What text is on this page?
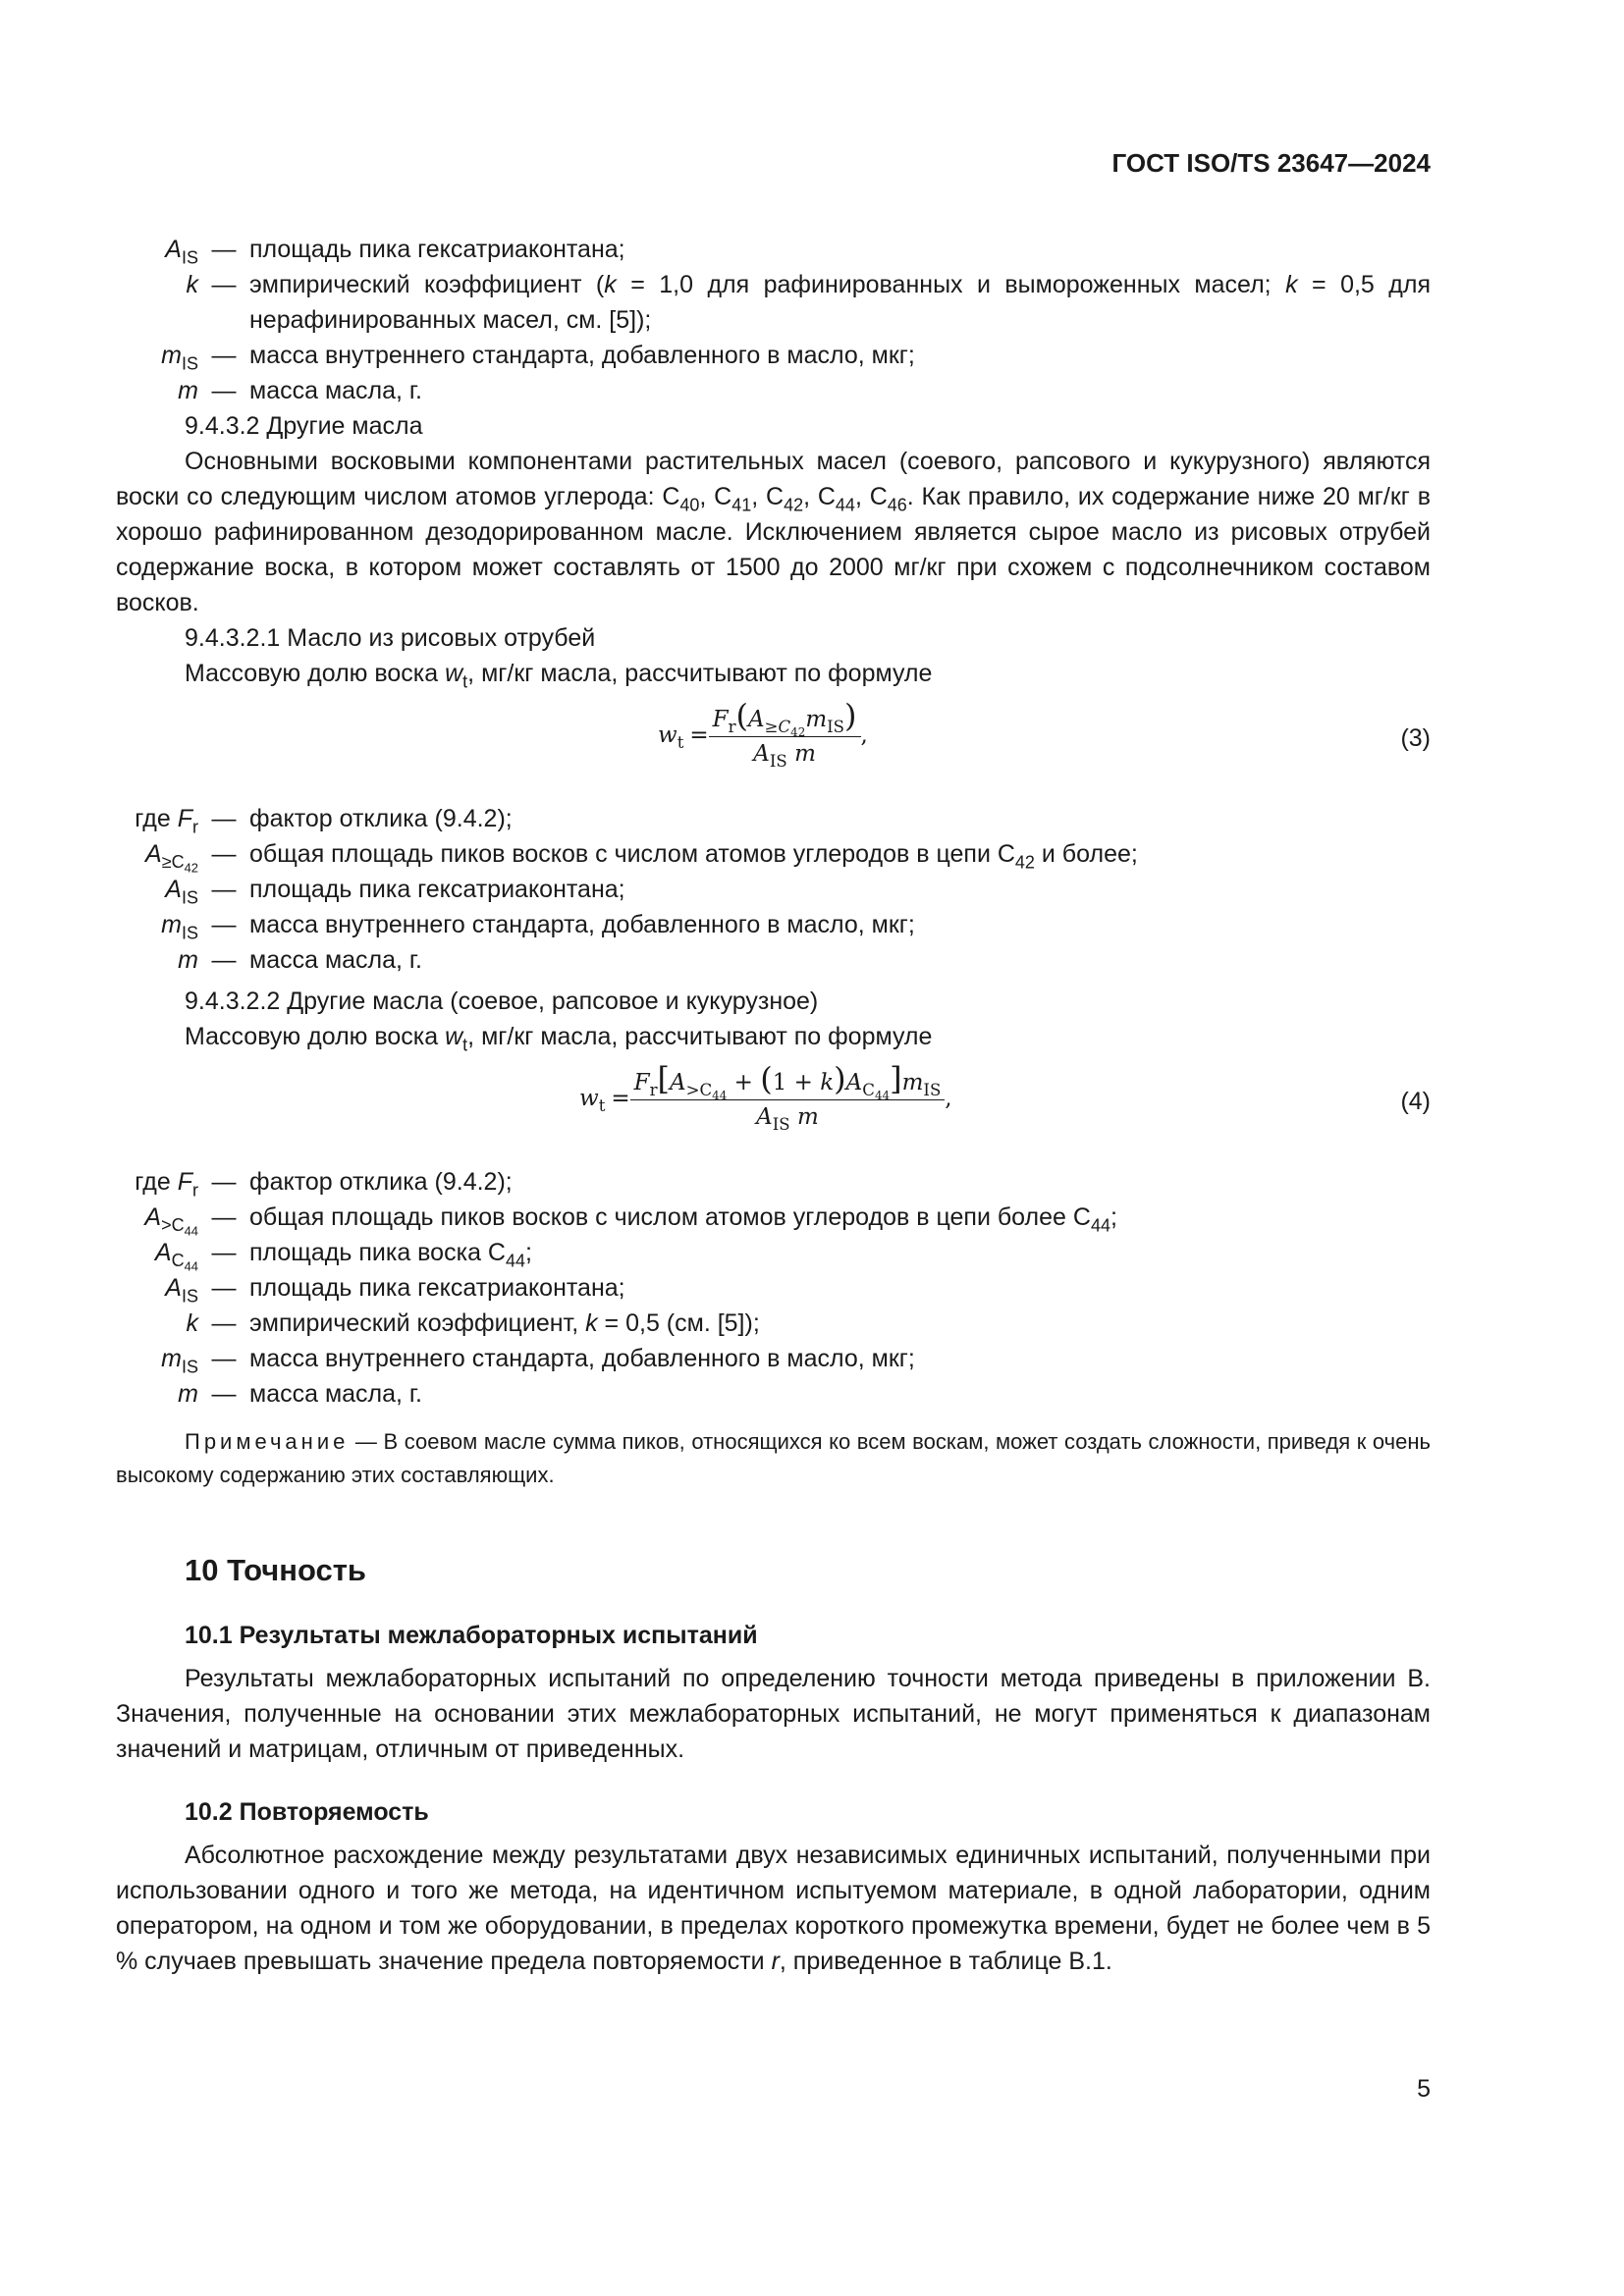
ГОСТ ISO/TS 23647—2024
$A_{IS}$ — площадь пика гексатриаконтана;
k — эмпирический коэффициент (k = 1,0 для рафинированных и вымороженных масел; k = 0,5 для нерафинированных масел, см. [5]);
$m_{IS}$ — масса внутреннего стандарта, добавленного в масло, мкг;
m — масса масла, г.

9.4.3.2 Другие масла

Основными восковыми компонентами растительных масел (соевого, рапсового и кукурузного) являются воски со следующим числом атомов углерода: $C_{40}$, $C_{41}$, $C_{42}$, $C_{44}$, $C_{46}$. Как правило, их содержание ниже 20 мг/кг в хорошо рафинированном дезодорированном масле. Исключением является сырое масло из рисовых отрубей содержание воска, в котором может составлять от 1500 до 2000 мг/кг при схожем с подсолнечником составом восков.

9.4.3.2.1 Масло из рисовых отрубей

Массовую долю воска $w_t$, мг/кг масла, рассчитывают по формуле

$w_t = \frac{F_r(A_{\ge C_{42}}m_{IS})}{A_{IS} m}$ ,	(3)
где $F_r$ — фактор отклика (9.4.2);
$A_{\ge C_{42}}$
— общая площадь пиков восков с числом атомов углеродов в цепи $C_{42}$ и более;
$A_{IS}$ — площадь пика гексатриаконтана;
$m_{IS}$ — масса внутреннего стандарта, добавленного в масло, мкг;
m — масса масла, г.

9.4.3.2.2 Другие масла (соевое, рапсовое и кукурузное)

Массовую долю воска $w_t$, мг/кг масла, рассчитывают по формуле

$w_t = \frac{F_r[A_{>C_{44}} + (1 + k)A_{C_{44}}]m_{IS}}{A_{IS} m}$ ,	(4)
где $F_r$ — фактор отклика (9.4.2);
$A_{>C_{44}}$
— общая площадь пиков восков с числом атомов углеродов в цепи более $C_{44}$;
$A_{C_{44}}$
— площадь пика воска $C_{44}$;
$A_{IS}$ — площадь пика гексатриаконтана;
k — эмпирический коэффициент, k = 0,5 (см. [5]);
$m_{IS}$ — масса внутреннего стандарта, добавленного в масло, мкг;
m — масса масла, г.

Примечание — В соевом масле сумма пиков, относящихся ко всем воскам, может создать сложности, приведя к очень высокому содержанию этих составляющих.

10 Точность
10.1 Результаты межлабораторных испытаний

Результаты межлабораторных испытаний по определению точности метода приведены в приложении В. Значения, полученные на основании этих межлабораторных испытаний, не могут применяться к диапазонам значений и матрицам, отличным от приведенных.

10.2 Повторяемость

Абсолютное расхождение между результатами двух независимых единичных испытаний, полученными при использовании одного и того же метода, на идентичном испытуемом материале, в одной лаборатории, одним оператором, на одном и том же оборудовании, в пределах короткого промежутка времени, будет не более чем в 5 % случаев превышать значение предела повторяемости r, приведенное в таблице В.1.

5
